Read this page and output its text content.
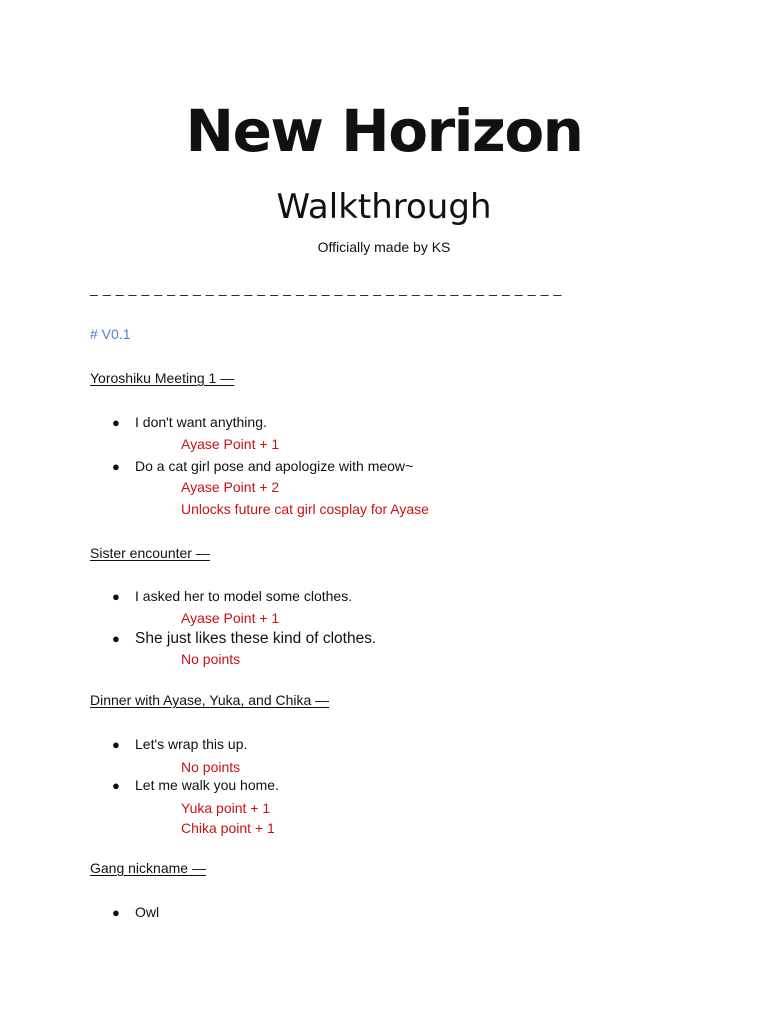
New Horizon
Walkthrough
Officially made by KS
_ _ _ _ _ _ _ _ _ _ _ _ _ _ _ _ _ _ _ _ _ _ _ _ _ _ _ _ _ _ _ _ _ _ _ _ _
# V0.1
Yoroshiku Meeting 1 —
● I don't want anything.
Ayase Point + 1
● Do a cat girl pose and apologize with meow~
Ayase Point + 2
Unlocks future cat girl cosplay for Ayase
Sister encounter —
● I asked her to model some clothes.
Ayase Point + 1
● She just likes these kind of clothes.
No points
Dinner with Ayase, Yuka, and Chika —
● Let's wrap this up.
No points
● Let me walk you home.
Yuka point + 1
Chika point + 1
Gang nickname —
● Owl
